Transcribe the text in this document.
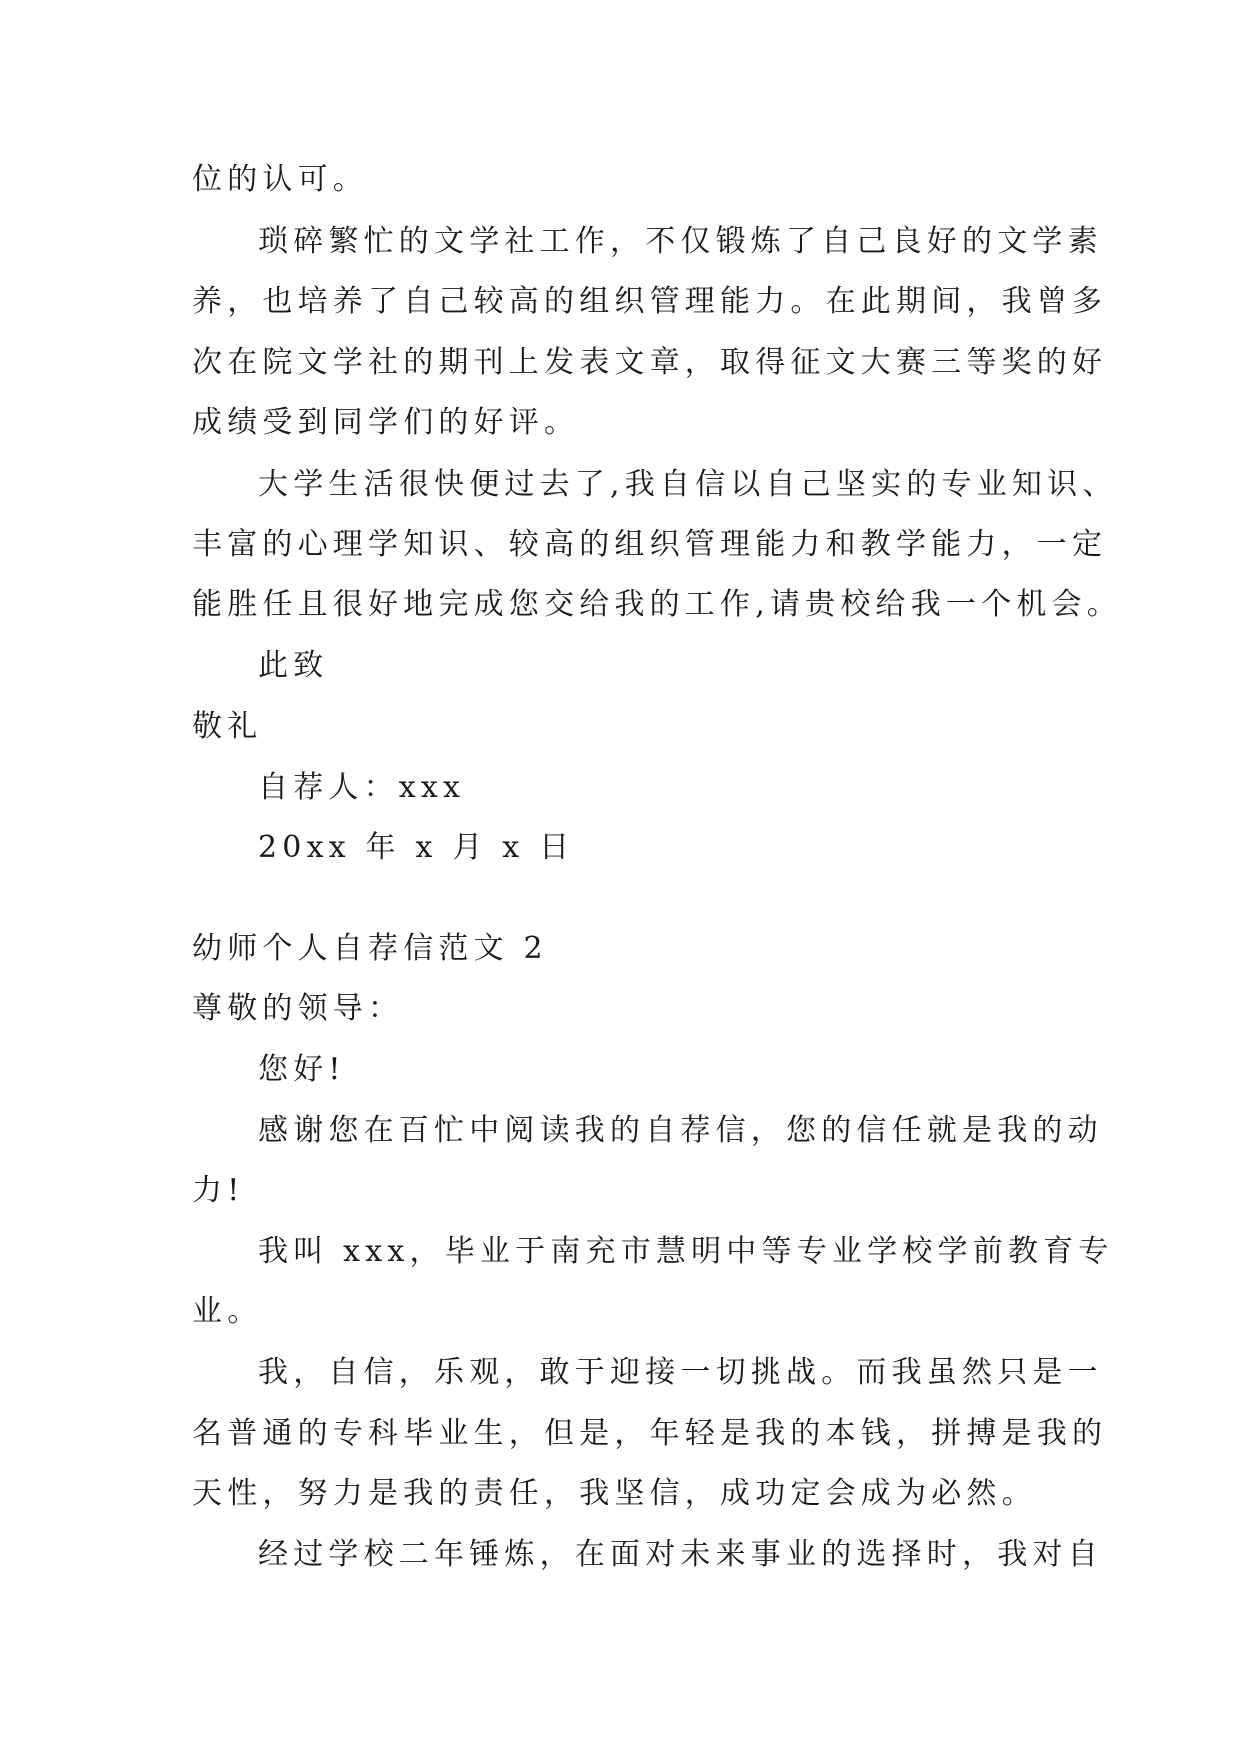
位的认可。

琐碎繁忙的文学社工作，不仅锻炼了自己良好的文学素

养，也培养了自己较高的组织管理能力。在此期间，我曾多

次在院文学社的期刊上发表文章，取得征文大赛三等奖的好

成绩受到同学们的好评。

大学生活很快便过去了,我自信以自己坚实的专业知识、

丰富的心理学知识、较高的组织管理能力和教学能力，一定

能胜任且很好地完成您交给我的工作,请贵校给我一个机会。

此致

敬礼

自荐人：xxx

20xx 年 x 月 x 日

幼师个人自荐信范文 2

尊敬的领导：

您好!

感谢您在百忙中阅读我的自荐信，您的信任就是我的动

力!

我叫 xxx，毕业于南充市慧明中等专业学校学前教育专

业。

我，自信，乐观，敢于迎接一切挑战。而我虽然只是一

名普通的专科毕业生，但是，年轻是我的本钱，拼搏是我的

天性，努力是我的责任，我坚信，成功定会成为必然。

经过学校二年锤炼，在面对未来事业的选择时，我对自
